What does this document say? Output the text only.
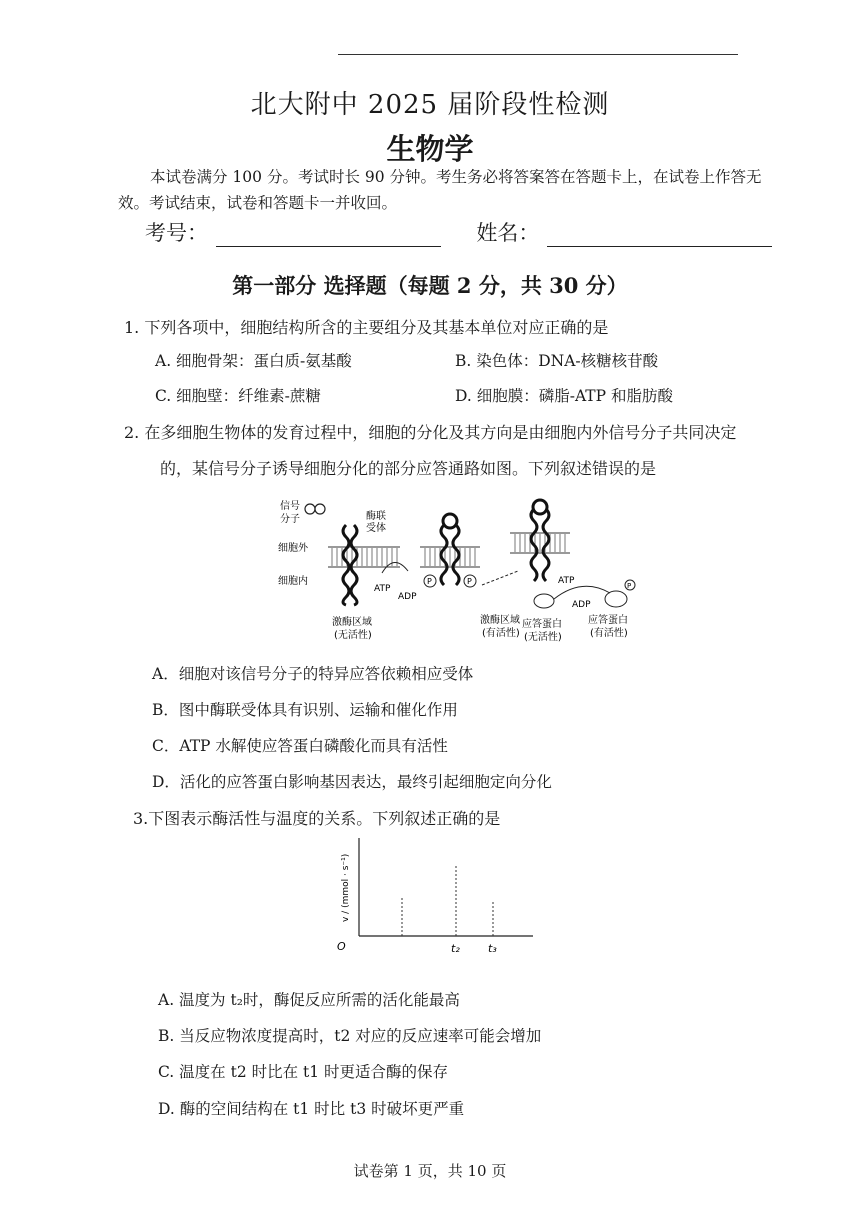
北大附中 2025 届阶段性检测
生物学
本试卷满分 100 分。考试时长 90 分钟。考生务必将答案答在答题卡上，在试卷上作答无效。考试结束，试卷和答题卡一并收回。
考号：	姓名：
第一部分 选择题（每题 2 分，共 30 分）
1. 下列各项中，细胞结构所含的主要组分及其基本单位对应正确的是
A. 细胞骨架：蛋白质-氨基酸	B. 染色体：DNA-核糖核苷酸
C. 细胞壁：纤维素-蔗糖	D. 细胞膜：磷脂-ATP 和脂肪酸
2. 在多细胞生物体的发育过程中，细胞的分化及其方向是由细胞内外信号分子共同决定
的，某信号分子诱导细胞分化的部分应答通路如图。下列叙述错误的是
信号
分子	酶联
受体
细胞外
细胞内
激酶区域
(无活性)
ATP
ADP
P	P
激酶区域
(有活性)
ATP
ADP
P
应答蛋白
(无活性)
应答蛋白
(有活性)
A．细胞对该信号分子的特异应答依赖相应受体
B．图中酶联受体具有识别、运输和催化作用
C．ATP 水解使应答蛋白磷酸化而具有活性
D．活化的应答蛋白影响基因表达，最终引起细胞定向分化
3.下图表示酶活性与温度的关系。下列叙述正确的是
v / (mmol · s⁻¹)
O	t₂	t₃
A. 温度为 t₂时，酶促反应所需的活化能最高
B. 当反应物浓度提高时，t2 对应的反应速率可能会增加
C. 温度在 t2 时比在 t1 时更适合酶的保存
D. 酶的空间结构在 t1 时比 t3 时破坏更严重
试卷第 1 页，共 10 页
